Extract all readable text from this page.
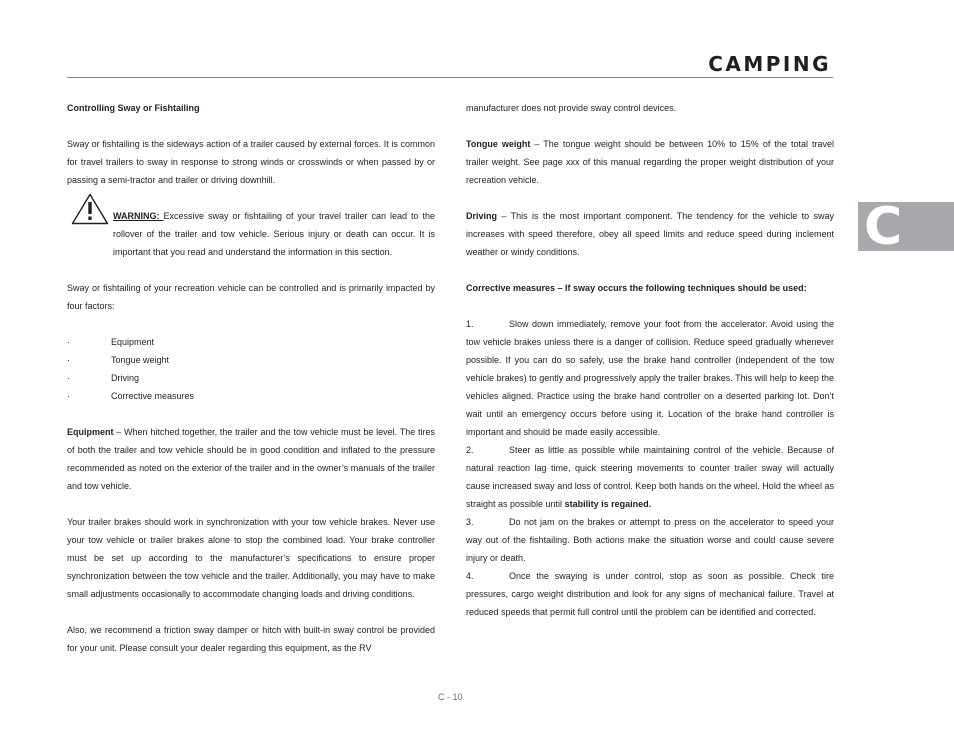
CAMPING
C

Controlling Sway or Fishtailing

Sway or fishtailing is the sideways action of a trailer caused by external forces. It is common for travel trailers to sway in response to strong winds or crosswinds or when passed by or passing a semi-tractor and trailer or driving downhill.

WARNING: Excessive sway or fishtailing of your travel trailer can lead to the rollover of the trailer and tow vehicle. Serious injury or death can occur. It is important that you read and understand the information in this section.

Sway or fishtailing of your recreation vehicle can be controlled and is primarily impacted by four factors:

·	Equipment
·	Tongue weight
·	Driving
·	Corrective measures

Equipment – When hitched together, the trailer and the tow vehicle must be level. The tires of both the trailer and tow vehicle should be in good condition and inflated to the pressure recommended as noted on the exterior of the trailer and in the owner’s manuals of the trailer and tow vehicle.

Your trailer brakes should work in synchronization with your tow vehicle brakes. Never use your tow vehicle or trailer brakes alone to stop the combined load. Your brake controller must be set up according to the manufacturer’s specifications to ensure proper synchronization between the tow vehicle and the trailer. Additionally, you may have to make small adjustments occasionally to accommodate changing loads and driving conditions.

Also, we recommend a friction sway damper or hitch with built-in sway control be provided for your unit. Please consult your dealer regarding this equipment, as the RV

manufacturer does not provide sway control devices.

Tongue weight – The tongue weight should be between 10% to 15% of the total travel trailer weight. See page xxx of this manual regarding the proper weight distribution of your recreation vehicle.

Driving – This is the most important component. The tendency for the vehicle to sway increases with speed therefore, obey all speed limits and reduce speed during inclement weather or windy conditions.

Corrective measures – If sway occurs the following techniques should be used:

1.	Slow down immediately, remove your foot from the accelerator. Avoid using the tow vehicle brakes unless there is a danger of collision. Reduce speed gradually whenever possible. If you can do so safely, use the brake hand controller (independent of the tow vehicle brakes) to gently and progressively apply the trailer brakes. This will help to keep the vehicles aligned. Practice using the brake hand controller on a deserted parking lot. Don’t wait until an emergency occurs before using it. Location of the brake hand controller is important and should be made easily accessible.

2.	Steer as little as possible while maintaining control of the vehicle. Because of natural reaction lag time, quick steering movements to counter trailer sway will actually cause increased sway and loss of control. Keep both hands on the wheel. Hold the wheel as straight as possible until stability is regained.

3.	Do not jam on the brakes or attempt to press on the accelerator to speed your way out of the fishtailing. Both actions make the situation worse and could cause severe injury or death.

4.	Once the swaying is under control, stop as soon as possible. Check tire pressures, cargo weight distribution and look for any signs of mechanical failure. Travel at reduced speeds that permit full control until the problem can be identified and corrected.

C - 10
